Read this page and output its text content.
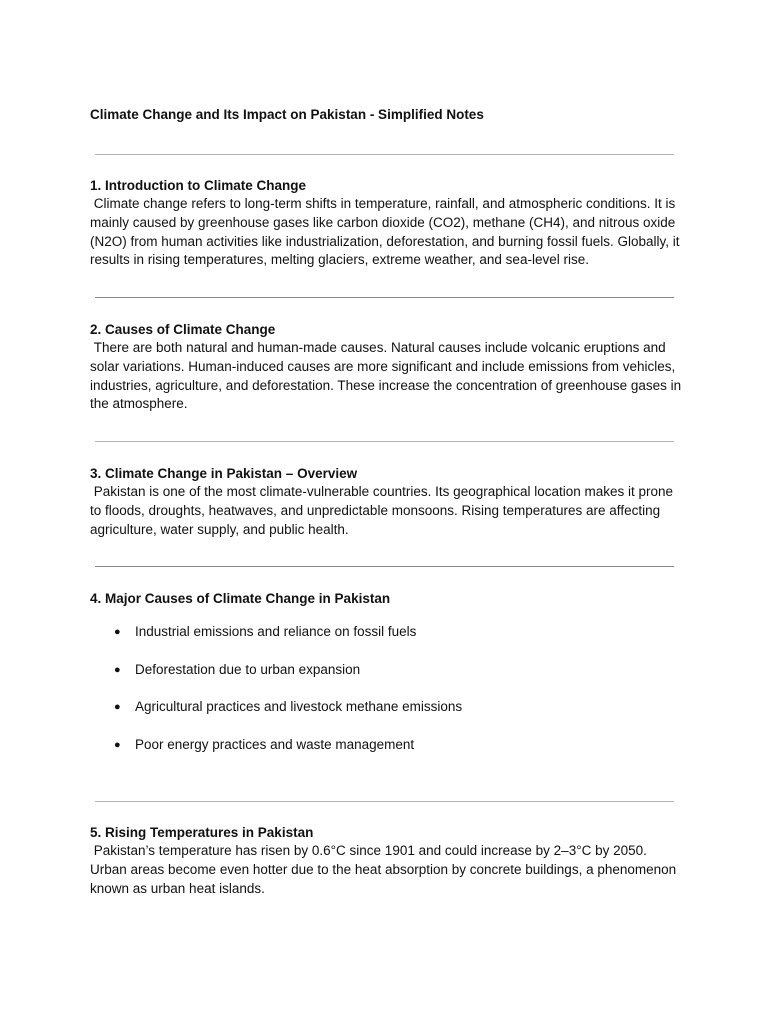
Climate Change and Its Impact on Pakistan - Simplified Notes
1. Introduction to Climate Change

Climate change refers to long-term shifts in temperature, rainfall, and atmospheric conditions. It is mainly caused by greenhouse gases like carbon dioxide (CO2), methane (CH4), and nitrous oxide (N2O) from human activities like industrialization, deforestation, and burning fossil fuels. Globally, it results in rising temperatures, melting glaciers, extreme weather, and sea-level rise.

2. Causes of Climate Change

There are both natural and human-made causes. Natural causes include volcanic eruptions and solar variations. Human-induced causes are more significant and include emissions from vehicles, industries, agriculture, and deforestation. These increase the concentration of greenhouse gases in the atmosphere.

3. Climate Change in Pakistan – Overview

Pakistan is one of the most climate-vulnerable countries. Its geographical location makes it prone to floods, droughts, heatwaves, and unpredictable monsoons. Rising temperatures are affecting agriculture, water supply, and public health.

4. Major Causes of Climate Change in Pakistan
● Industrial emissions and reliance on fossil fuels
● Deforestation due to urban expansion
● Agricultural practices and livestock methane emissions
● Poor energy practices and waste management
5. Rising Temperatures in Pakistan

Pakistan’s temperature has risen by 0.6°C since 1901 and could increase by 2–3°C by 2050. Urban areas become even hotter due to the heat absorption by concrete buildings, a phenomenon known as urban heat islands.
